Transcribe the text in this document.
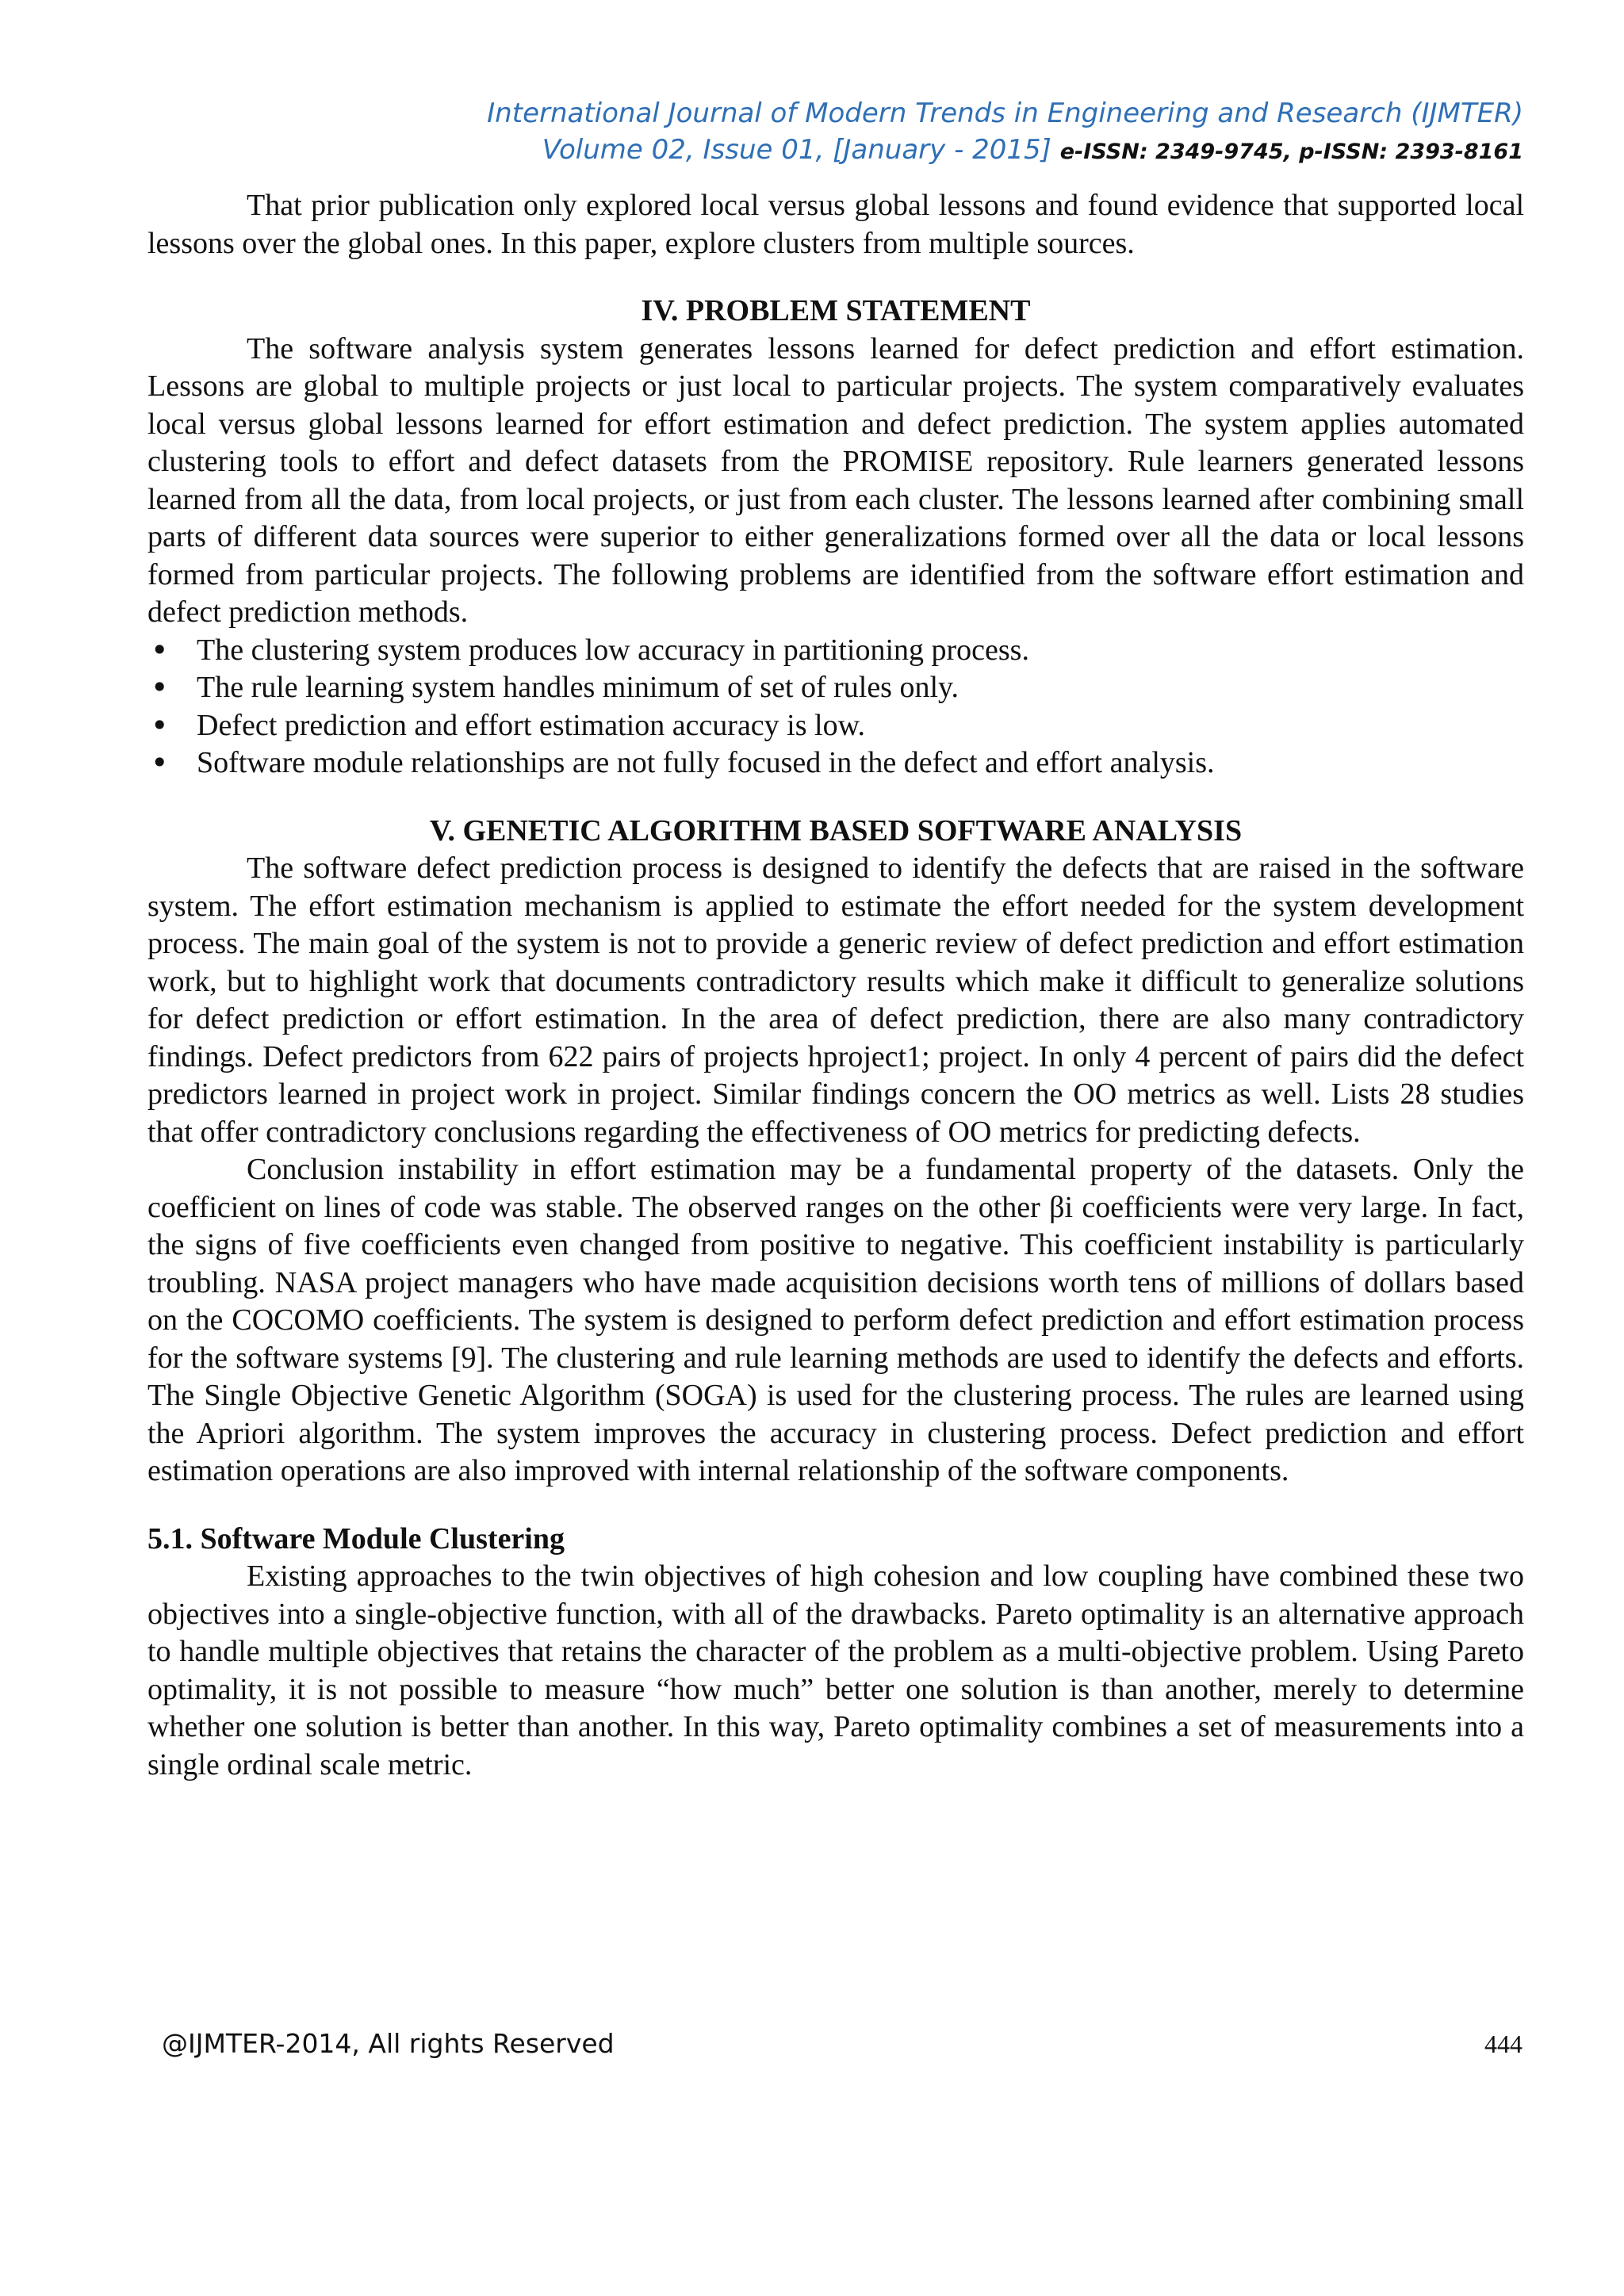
International Journal of Modern Trends in Engineering and Research (IJMTER)
Volume 02, Issue 01, [January - 2015] e-ISSN: 2349-9745, p-ISSN: 2393-8161

That prior publication only explored local versus global lessons and found evidence that supported local lessons over the global ones. In this paper, explore clusters from multiple sources.

IV. PROBLEM STATEMENT

The software analysis system generates lessons learned for defect prediction and effort estimation. Lessons are global to multiple projects or just local to particular projects. The system comparatively evaluates local versus global lessons learned for effort estimation and defect prediction. The system applies automated clustering tools to effort and defect datasets from the PROMISE repository. Rule learners generated lessons learned from all the data, from local projects, or just from each cluster. The lessons learned after combining small parts of different data sources were superior to either generalizations formed over all the data or local lessons formed from particular projects. The following problems are identified from the software effort estimation and defect prediction methods.

• The clustering system produces low accuracy in partitioning process.
• The rule learning system handles minimum of set of rules only.
• Defect prediction and effort estimation accuracy is low.
• Software module relationships are not fully focused in the defect and effort analysis.

V. GENETIC ALGORITHM BASED SOFTWARE ANALYSIS

The software defect prediction process is designed to identify the defects that are raised in the software system. The effort estimation mechanism is applied to estimate the effort needed for the system development process. The main goal of the system is not to provide a generic review of defect prediction and effort estimation work, but to highlight work that documents contradictory results which make it difficult to generalize solutions for defect prediction or effort estimation. In the area of defect prediction, there are also many contradictory findings. Defect predictors from 622 pairs of projects hproject1; project. In only 4 percent of pairs did the defect predictors learned in project work in project. Similar findings concern the OO metrics as well. Lists 28 studies that offer contradictory conclusions regarding the effectiveness of OO metrics for predicting defects.

Conclusion instability in effort estimation may be a fundamental property of the datasets. Only the coefficient on lines of code was stable. The observed ranges on the other βi coefficients were very large. In fact, the signs of five coefficients even changed from positive to negative. This coefficient instability is particularly troubling. NASA project managers who have made acquisition decisions worth tens of millions of dollars based on the COCOMO coefficients. The system is designed to perform defect prediction and effort estimation process for the software systems [9]. The clustering and rule learning methods are used to identify the defects and efforts. The Single Objective Genetic Algorithm (SOGA) is used for the clustering process. The rules are learned using the Apriori algorithm. The system improves the accuracy in clustering process. Defect prediction and effort estimation operations are also improved with internal relationship of the software components.

5.1. Software Module Clustering

Existing approaches to the twin objectives of high cohesion and low coupling have combined these two objectives into a single-objective function, with all of the drawbacks. Pareto optimality is an alternative approach to handle multiple objectives that retains the character of the problem as a multi-objective problem. Using Pareto optimality, it is not possible to measure “how much” better one solution is than another, merely to determine whether one solution is better than another. In this way, Pareto optimality combines a set of measurements into a single ordinal scale metric.

@IJMTER-2014, All rights Reserved	444
